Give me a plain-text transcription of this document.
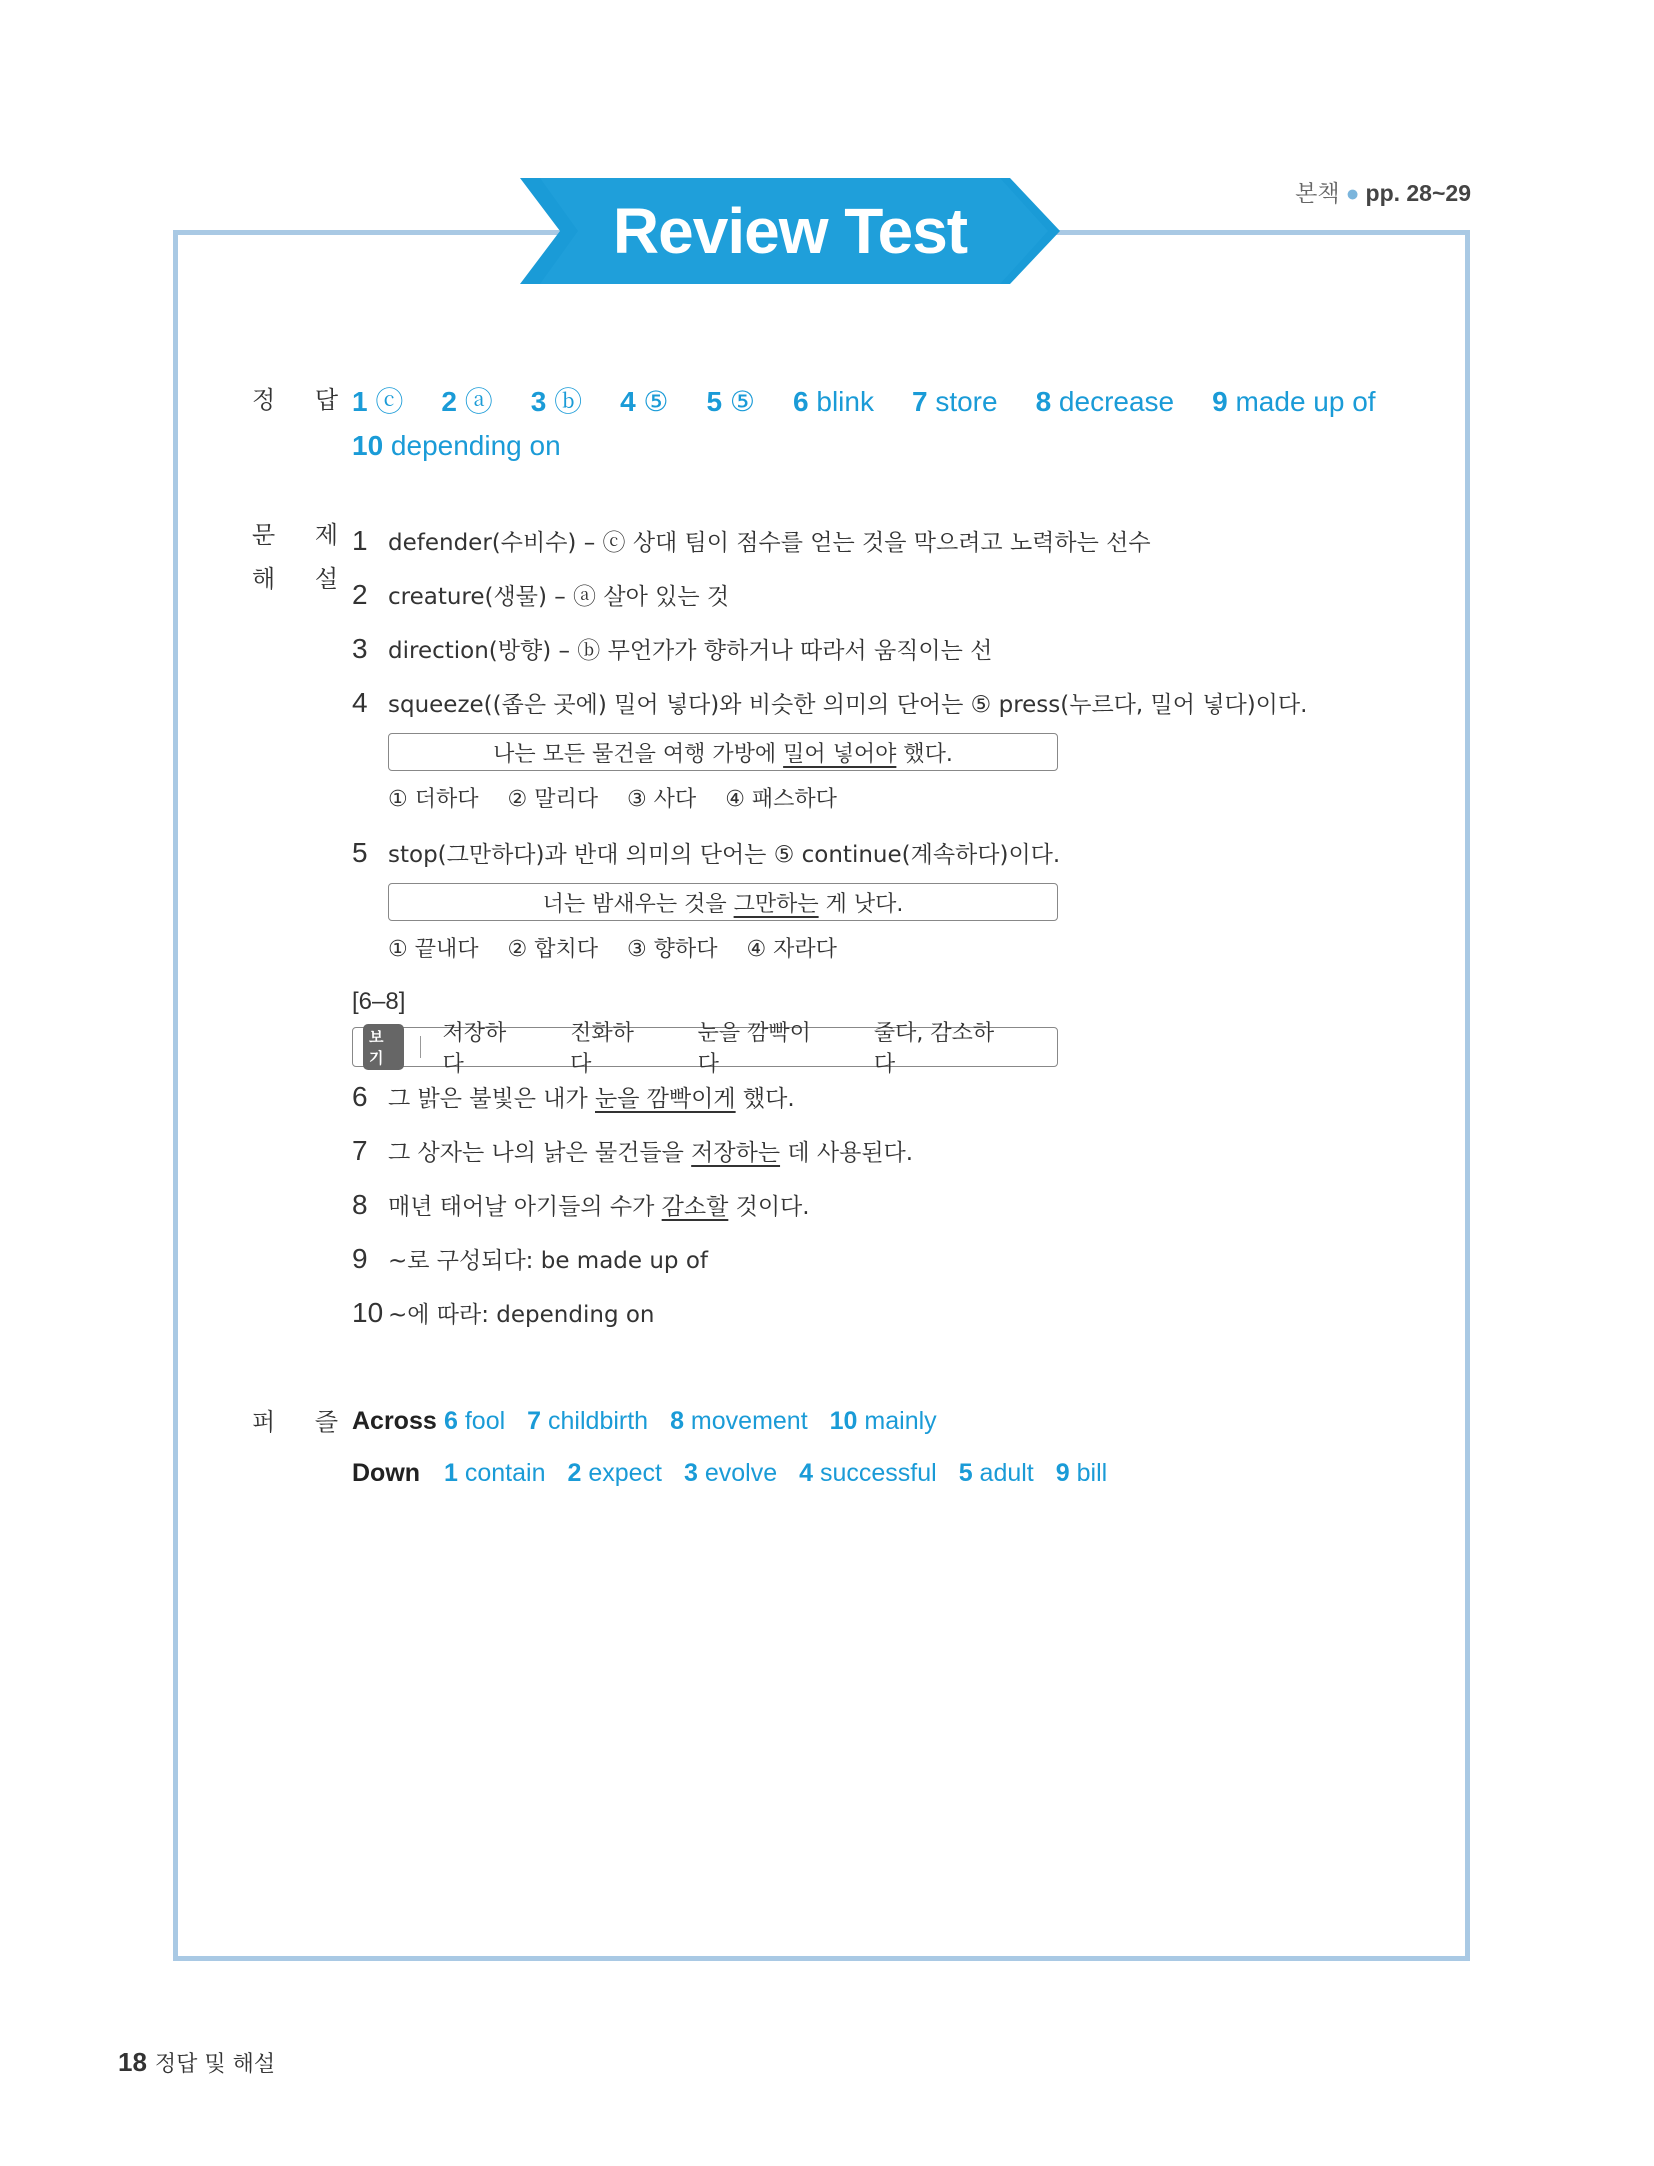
Review Test
본책 ● pp. 28~29
정 답
1 ⓒ 2 ⓐ 3 ⓑ 4 ⑤ 5 ⑤ 6 blink 7 store 8 decrease 9 made up of
10 depending on
문 제
해 설
1 defender(수비수) – ⓒ 상대 팀이 점수를 얻는 것을 막으려고 노력하는 선수
2 creature(생물) – ⓐ 살아 있는 것
3 direction(방향) – ⓑ 무언가가 향하거나 따라서 움직이는 선
4 squeeze((좁은 곳에) 밀어 넣다)와 비슷한 의미의 단어는 ⑤ press(누르다, 밀어 넣다)이다.
나는 모든 물건을 여행 가방에 밀어 넣어야 했다.
① 더하다 ② 말리다 ③ 사다 ④ 패스하다
5 stop(그만하다)과 반대 의미의 단어는 ⑤ continue(계속하다)이다.
너는 밤새우는 것을 그만하는 게 낫다.
① 끝내다 ② 합치다 ③ 향하다 ④ 자라다
[6–8]
보기
저장하다
진화하다
눈을 깜빡이다
줄다, 감소하다
6 그 밝은 불빛은 내가 눈을 깜빡이게 했다.
7 그 상자는 나의 낡은 물건들을 저장하는 데 사용된다.
8 매년 태어날 아기들의 수가 감소할 것이다.
9 ~로 구성되다: be made up of
10 ~에 따라: depending on
퍼 즐
Across 6 fool 7 childbirth 8 movement 10 mainly
Down 1 contain 2 expect 3 evolve 4 successful 5 adult 9 bill
18 정답 및 해설
